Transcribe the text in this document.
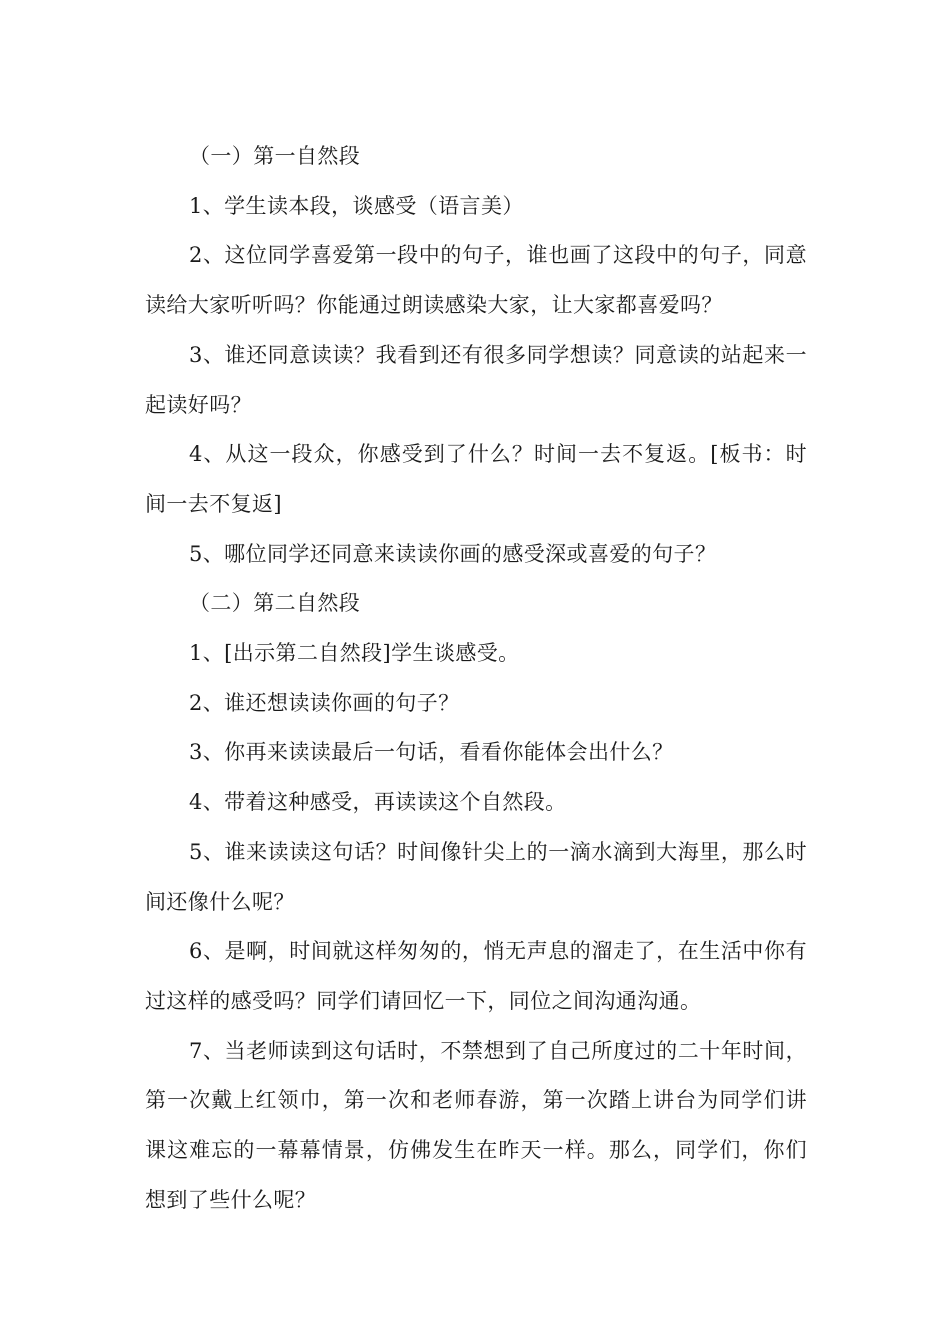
（一）第一自然段

1、学生读本段，谈感受（语言美）

2、这位同学喜爱第一段中的句子，谁也画了这段中的句子，同意读给大家听听吗？你能通过朗读感染大家，让大家都喜爱吗？

3、谁还同意读读？我看到还有很多同学想读？同意读的站起来一起读好吗？

4、从这一段众，你感受到了什么？时间一去不复返。[板书：时间一去不复返]

5、哪位同学还同意来读读你画的感受深或喜爱的句子？

（二）第二自然段

1、[出示第二自然段]学生谈感受。

2、谁还想读读你画的句子？

3、你再来读读最后一句话，看看你能体会出什么？

4、带着这种感受，再读读这个自然段。

5、谁来读读这句话？时间像针尖上的一滴水滴到大海里，那么时间还像什么呢？

6、是啊，时间就这样匆匆的，悄无声息的溜走了，在生活中你有过这样的感受吗？同学们请回忆一下，同位之间沟通沟通。

7、当老师读到这句话时，不禁想到了自己所度过的二十年时间，第一次戴上红领巾，第一次和老师春游，第一次踏上讲台为同学们讲课这难忘的一幕幕情景，仿佛发生在昨天一样。那么，同学们，你们想到了些什么呢？
